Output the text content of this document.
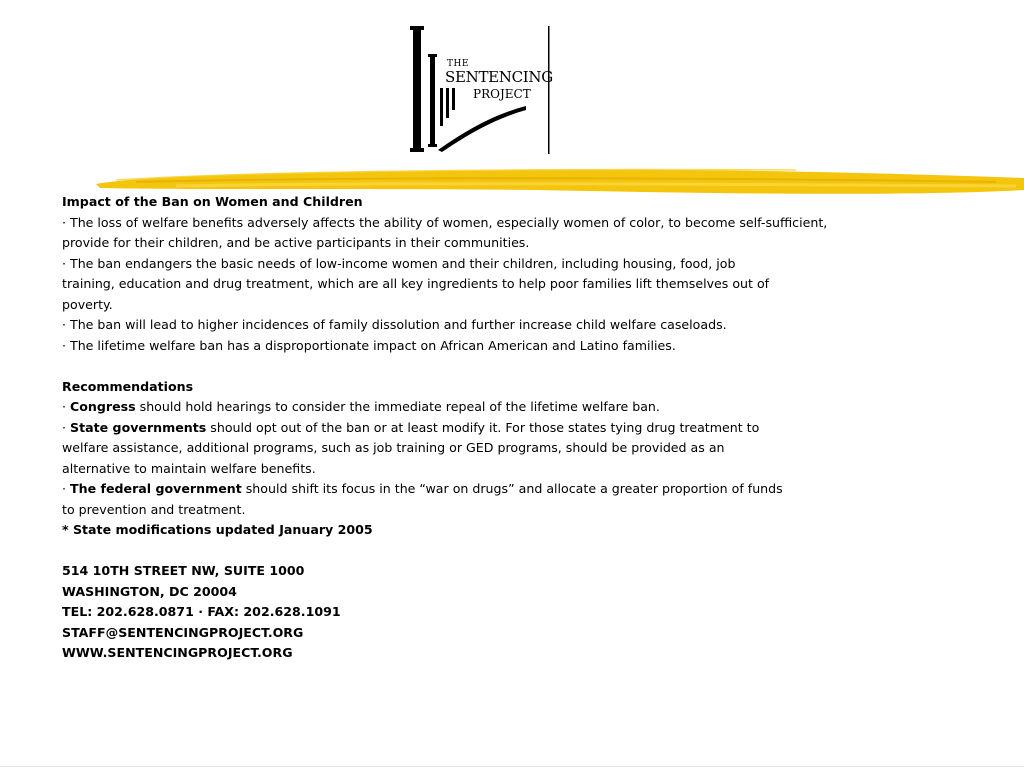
THE
SENTENCING
PROJECT
Impact of the Ban on Women and Children
· The loss of welfare benefits adversely affects the ability of women, especially women of color, to become self-sufficient,
provide for their children, and be active participants in their communities.
· The ban endangers the basic needs of low-income women and their children, including housing, food, job
training, education and drug treatment, which are all key ingredients to help poor families lift themselves out of
poverty.
· The ban will lead to higher incidences of family dissolution and further increase child welfare caseloads.
· The lifetime welfare ban has a disproportionate impact on African American and Latino families.
Recommendations
· Congress should hold hearings to consider the immediate repeal of the lifetime welfare ban.
· State governments should opt out of the ban or at least modify it. For those states tying drug treatment to
welfare assistance, additional programs, such as job training or GED programs, should be provided as an
alternative to maintain welfare benefits.
· The federal government should shift its focus in the “war on drugs” and allocate a greater proportion of funds
to prevention and treatment.
* State modifications updated January 2005
514 10TH STREET NW, SUITE 1000
WASHINGTON, DC 20004
TEL: 202.628.0871 · FAX: 202.628.1091
STAFF@SENTENCINGPROJECT.ORG
WWW.SENTENCINGPROJECT.ORG
